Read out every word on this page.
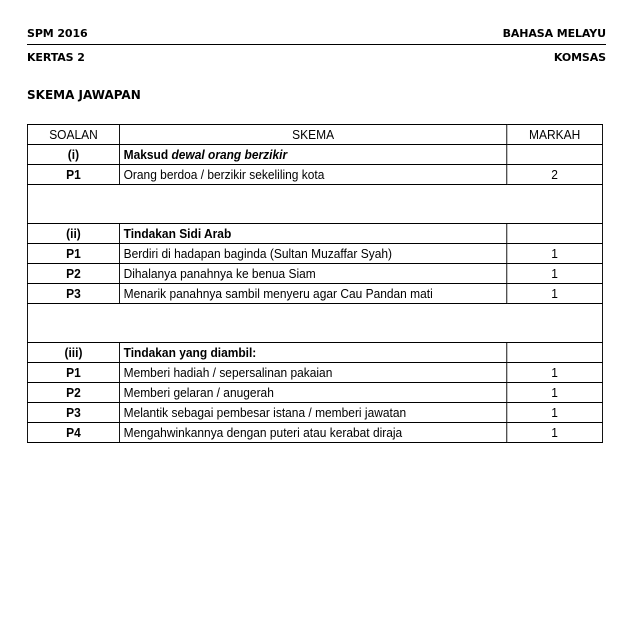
SPM 2016	BAHASA MELAYU
KERTAS 2	KOMSAS
SKEMA JAWAPAN
SOALAN	SKEMA	MARKAH
(i)	Maksud dewal orang berzikir	
P1	Orang berdoa / berzikir sekeliling kota	2

(ii)	Tindakan Sidi Arab	
P1	Berdiri di hadapan baginda (Sultan Muzaffar Syah)	1
P2	Dihalanya panahnya ke benua Siam	1
P3	Menarik panahnya sambil menyeru agar Cau Pandan mati	1

(iii)	Tindakan yang diambil:	
P1	Memberi hadiah / sepersalinan pakaian	1
P2	Memberi gelaran / anugerah	1
P3	Melantik sebagai pembesar istana / memberi jawatan	1
P4	Mengahwinkannya dengan puteri atau kerabat diraja	1
